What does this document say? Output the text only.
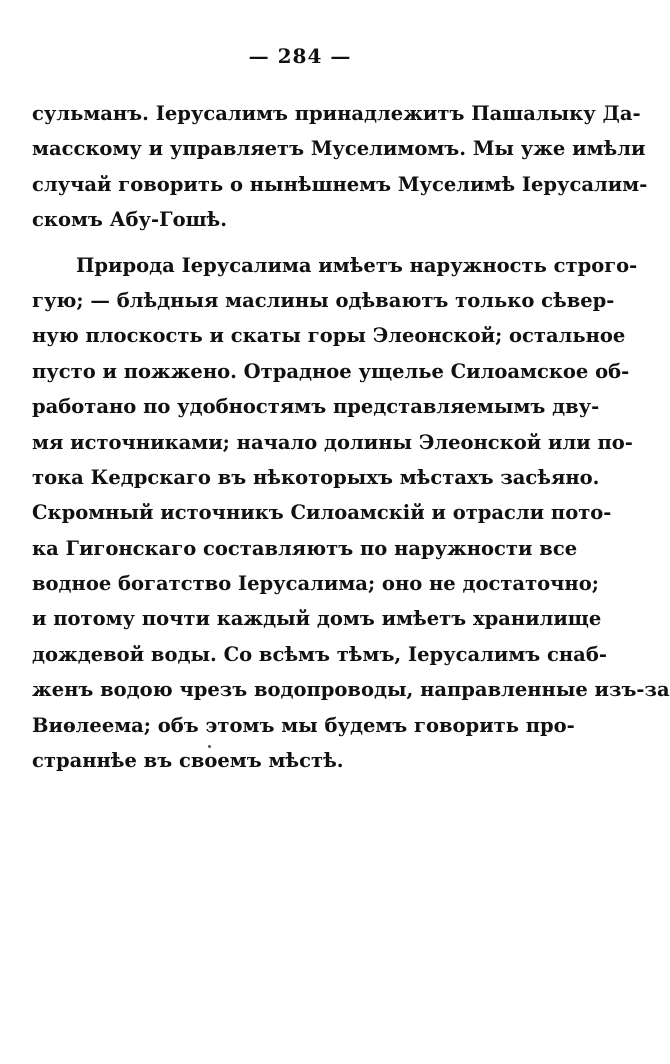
— 284 —
сульманъ. Іерусалимъ принадлежитъ Пашалыку Да-
масскому и управляетъ Муселимомъ. Мы уже имѣли
случай говорить о нынѣшнемъ Муселимѣ Іерусалим-
скомъ Абу-Гошѣ.
Природа Іерусалима имѣетъ наружность строго-
гую; — блѣдныя маслины одѣваютъ только сѣвер-
ную плоскость и скаты горы Элеонской; остальное
пусто и пожжено. Отрадное ущелье Силоамское об-
работано по удобностямъ представляемымъ дву-
мя источниками; начало долины Элеонской или по-
тока Кедрскаго въ нѣкоторыхъ мѣстахъ засѣяно.
Скромный источникъ Силоамскій и отрасли пото-
ка Гигонскаго составляютъ по наружности все
водное богатство Іерусалима; оно не достаточно;
и потому почти каждый домъ имѣетъ хранилище
дождевой воды. Со всѣмъ тѣмъ, Іерусалимъ снаб-
женъ водою чрезъ водопроводы, направленные изъ-за
Виѳлеема; объ этомъ мы будемъ говорить про-
страннѣе въ своемъ мѣстѣ.
